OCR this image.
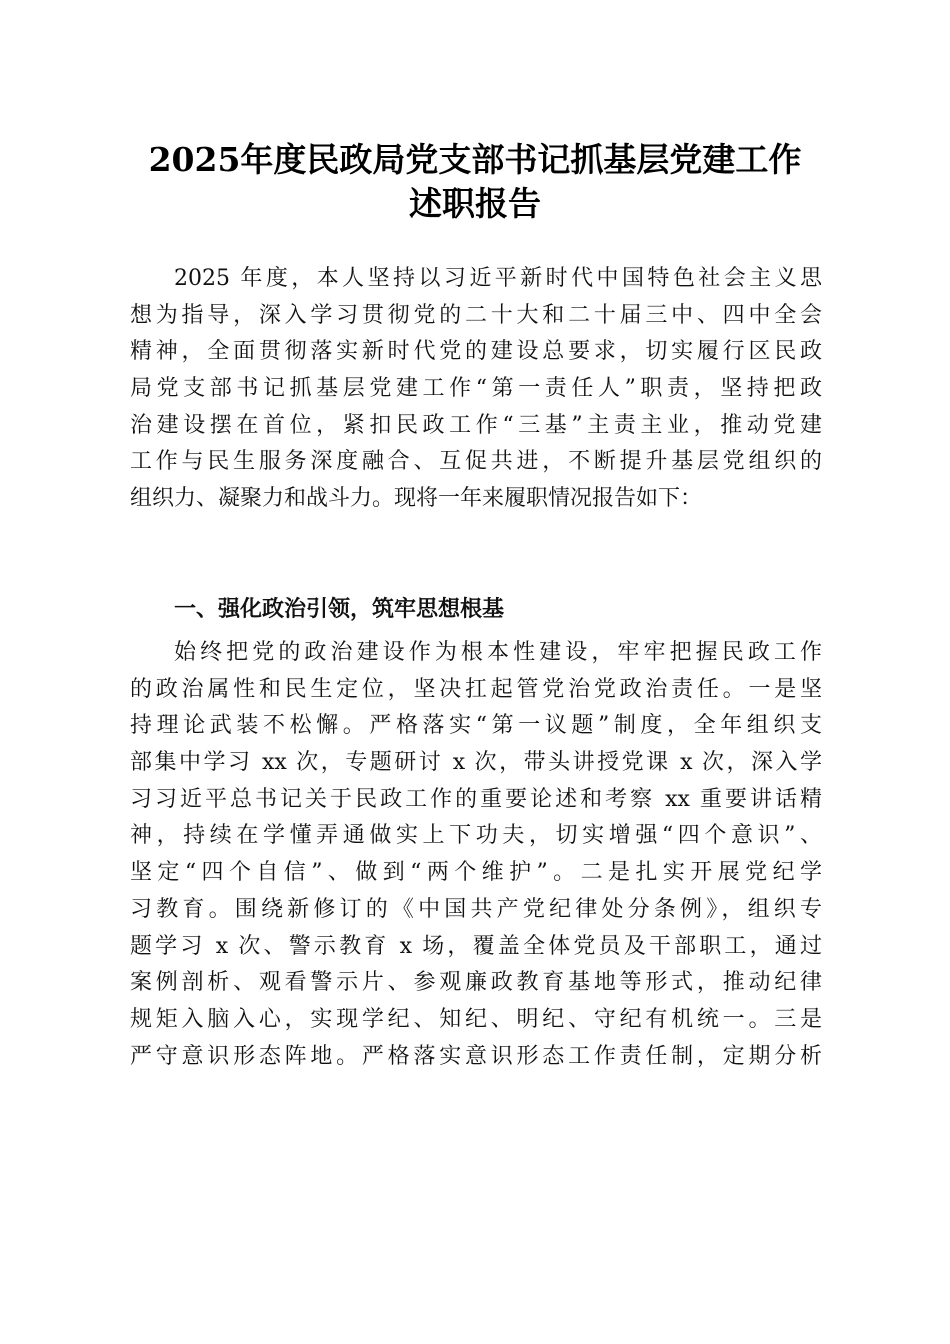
2025年度民政局党支部书记抓基层党建工作
述职报告
2025 年度，本人坚持以习近平新时代中国特色社会主义思
想为指导，深入学习贯彻党的二十大和二十届三中、四中全会
精神，全面贯彻落实新时代党的建设总要求，切实履行区民政
局党支部书记抓基层党建工作“第一责任人”职责，坚持把政
治建设摆在首位，紧扣民政工作“三基”主责主业，推动党建
工作与民生服务深度融合、互促共进，不断提升基层党组织的
组织力、凝聚力和战斗力。现将一年来履职情况报告如下：
一、强化政治引领，筑牢思想根基
始终把党的政治建设作为根本性建设，牢牢把握民政工作
的政治属性和民生定位，坚决扛起管党治党政治责任。一是坚
持理论武装不松懈。严格落实“第一议题”制度，全年组织支
部集中学习 xx 次，专题研讨 x 次，带头讲授党课 x 次，深入学
习习近平总书记关于民政工作的重要论述和考察 xx 重要讲话精
神，持续在学懂弄通做实上下功夫，切实增强“四个意识”、
坚定“四个自信”、做到“两个维护”。二是扎实开展党纪学
习教育。围绕新修订的《中国共产党纪律处分条例》，组织专
题学习 x 次、警示教育 x 场，覆盖全体党员及干部职工，通过
案例剖析、观看警示片、参观廉政教育基地等形式，推动纪律
规矩入脑入心，实现学纪、知纪、明纪、守纪有机统一。三是
严守意识形态阵地。严格落实意识形态工作责任制，定期分析
